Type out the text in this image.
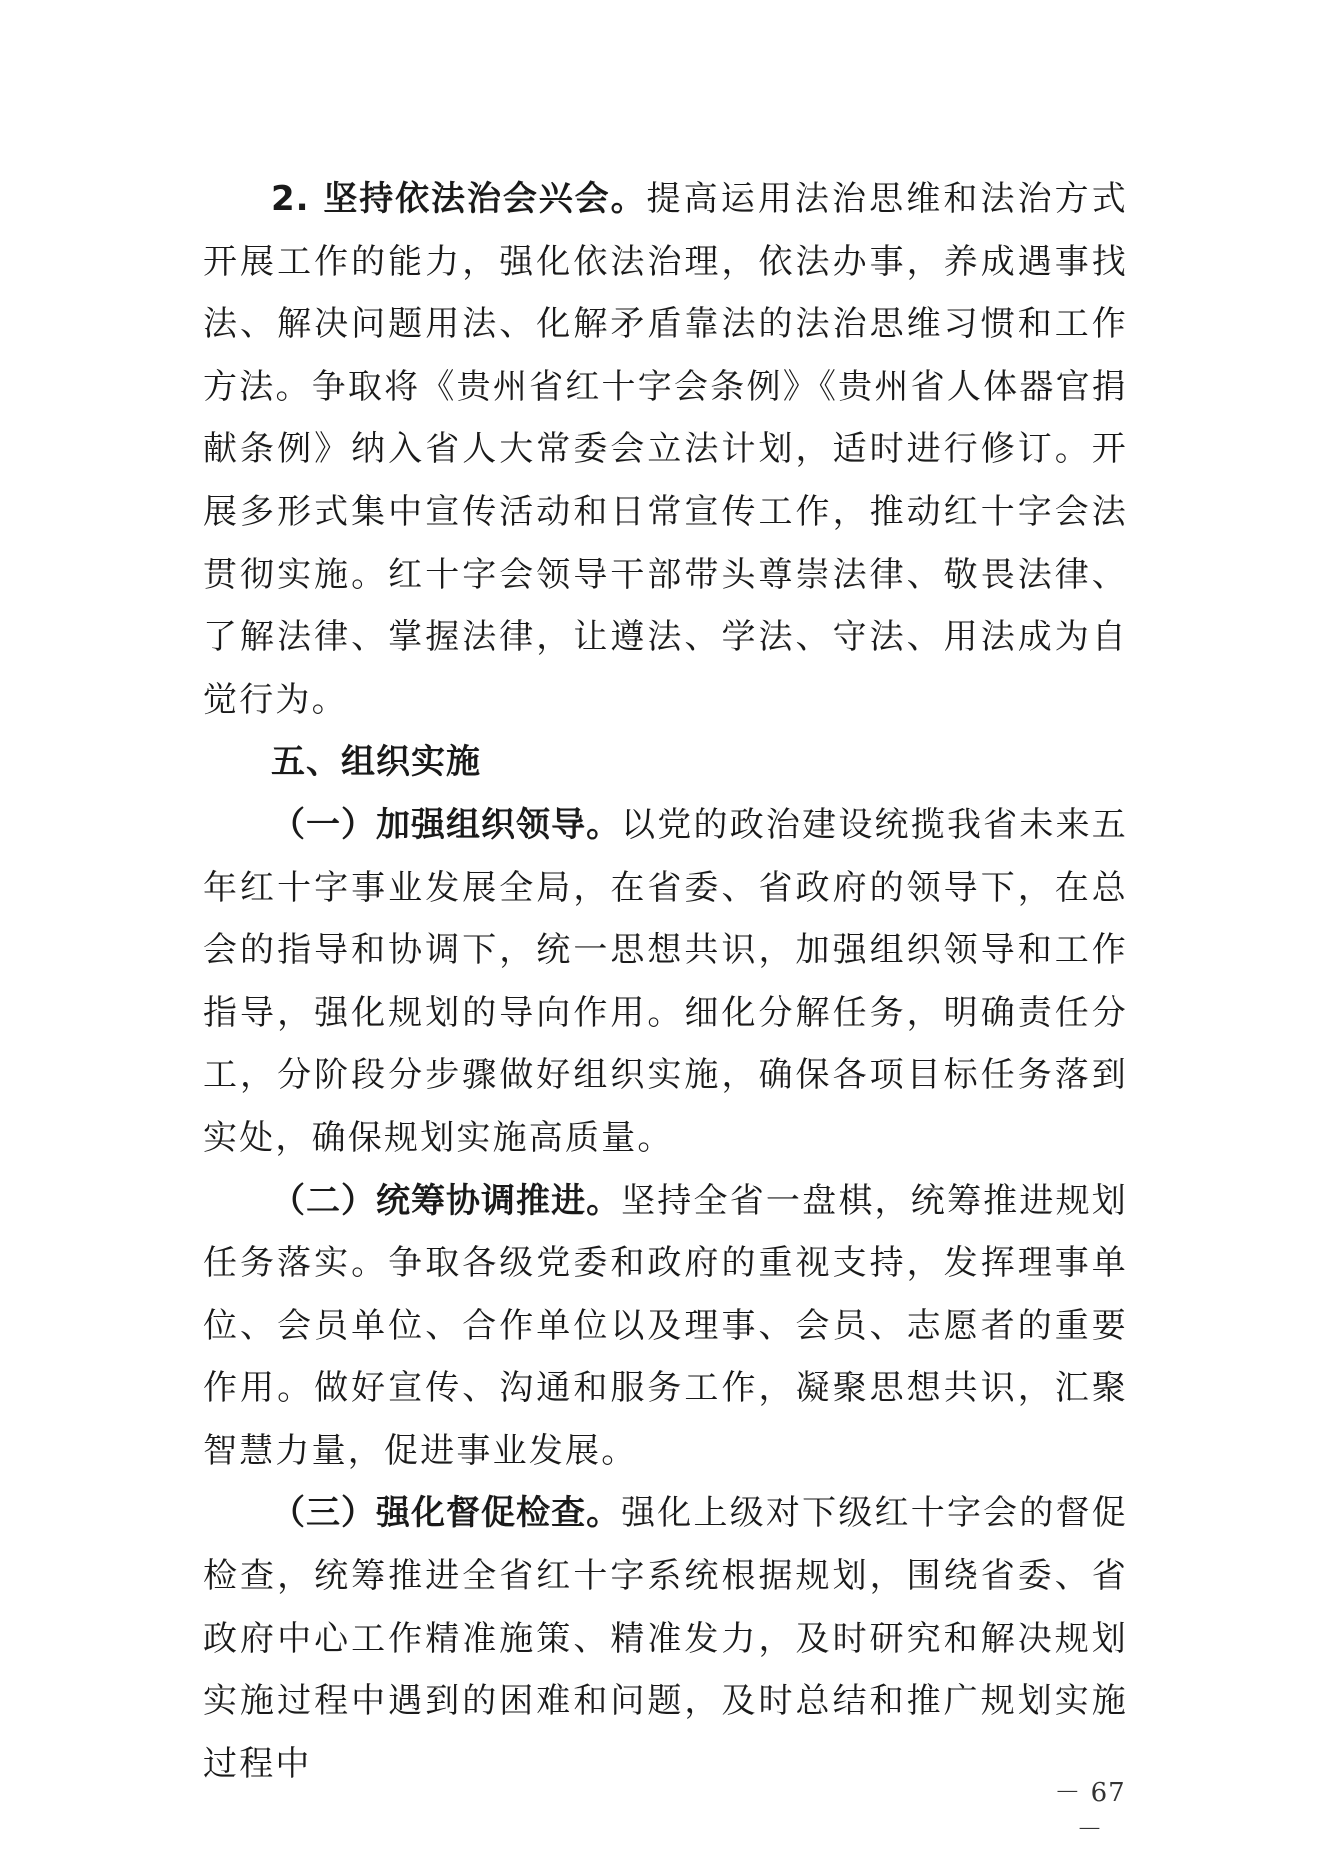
2. 坚持依法治会兴会。提高运用法治思维和法治方式开展工作的能力，强化依法治理，依法办事，养成遇事找法、解决问题用法、化解矛盾靠法的法治思维习惯和工作方法。争取将《贵州省红十字会条例》《贵州省人体器官捐献条例》纳入省人大常委会立法计划，适时进行修订。开展多形式集中宣传活动和日常宣传工作，推动红十字会法贯彻实施。红十字会领导干部带头尊崇法律、敬畏法律、了解法律、掌握法律，让遵法、学法、守法、用法成为自觉行为。

五、组织实施

（一）加强组织领导。以党的政治建设统揽我省未来五年红十字事业发展全局，在省委、省政府的领导下，在总会的指导和协调下，统一思想共识，加强组织领导和工作指导，强化规划的导向作用。细化分解任务，明确责任分工，分阶段分步骤做好组织实施，确保各项目标任务落到实处，确保规划实施高质量。

（二）统筹协调推进。坚持全省一盘棋，统筹推进规划任务落实。争取各级党委和政府的重视支持，发挥理事单位、会员单位、合作单位以及理事、会员、志愿者的重要作用。做好宣传、沟通和服务工作，凝聚思想共识，汇聚智慧力量，促进事业发展。

（三）强化督促检查。强化上级对下级红十字会的督促检查，统筹推进全省红十字系统根据规划，围绕省委、省政府中心工作精准施策、精准发力，及时研究和解决规划实施过程中遇到的困难和问题，及时总结和推广规划实施过程中

－ 67 －
